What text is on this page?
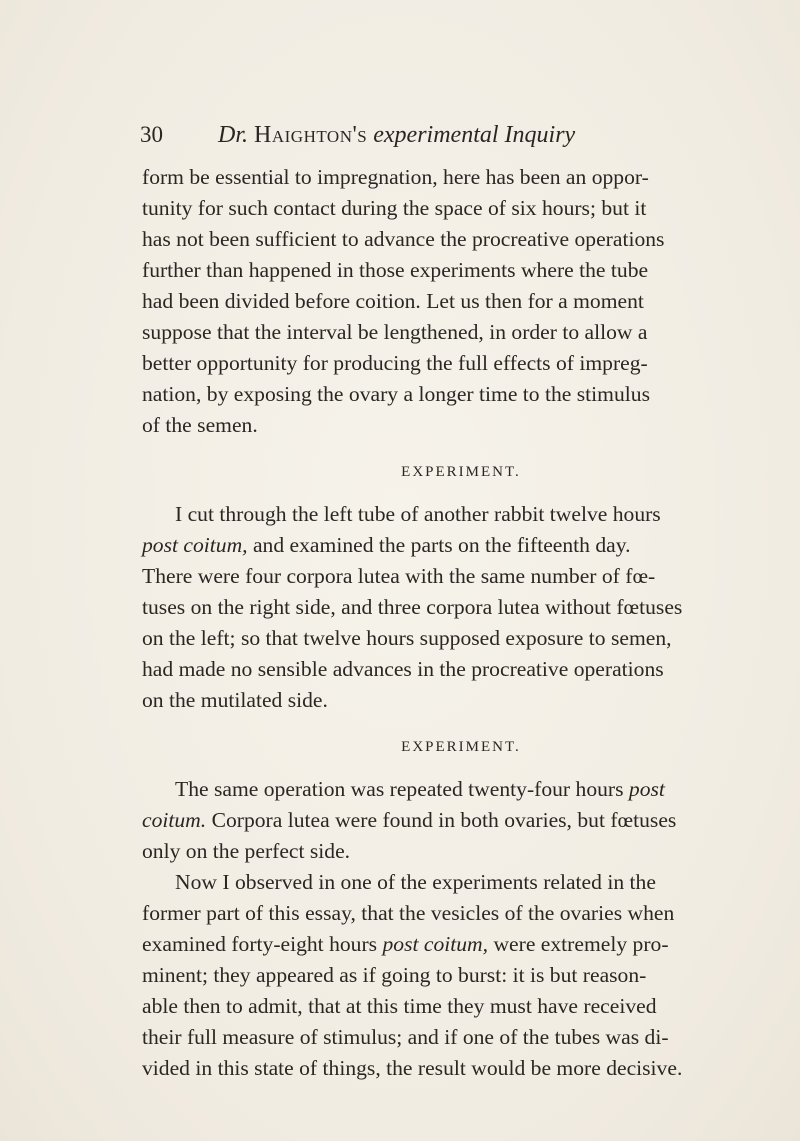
30 Dr. Haighton's experimental Inquiry
form be essential to impregnation, here has been an oppor-
tunity for such contact during the space of six hours; but it
has not been sufficient to advance the procreative operations
further than happened in those experiments where the tube
had been divided before coition. Let us then for a moment
suppose that the interval be lengthened, in order to allow a
better opportunity for producing the full effects of impreg-
nation, by exposing the ovary a longer time to the stimulus
of the semen.
EXPERIMENT.
I cut through the left tube of another rabbit twelve hours
post coitum, and examined the parts on the fifteenth day.
There were four corpora lutea with the same number of fœ-
tuses on the right side, and three corpora lutea without fœtuses
on the left; so that twelve hours supposed exposure to semen,
had made no sensible advances in the procreative operations
on the mutilated side.
EXPERIMENT.
The same operation was repeated twenty-four hours post
coitum. Corpora lutea were found in both ovaries, but fœtuses
only on the perfect side.
Now I observed in one of the experiments related in the
former part of this essay, that the vesicles of the ovaries when
examined forty-eight hours post coitum, were extremely pro-
minent; they appeared as if going to burst: it is but reason-
able then to admit, that at this time they must have received
their full measure of stimulus; and if one of the tubes was di-
vided in this state of things, the result would be more decisive.
